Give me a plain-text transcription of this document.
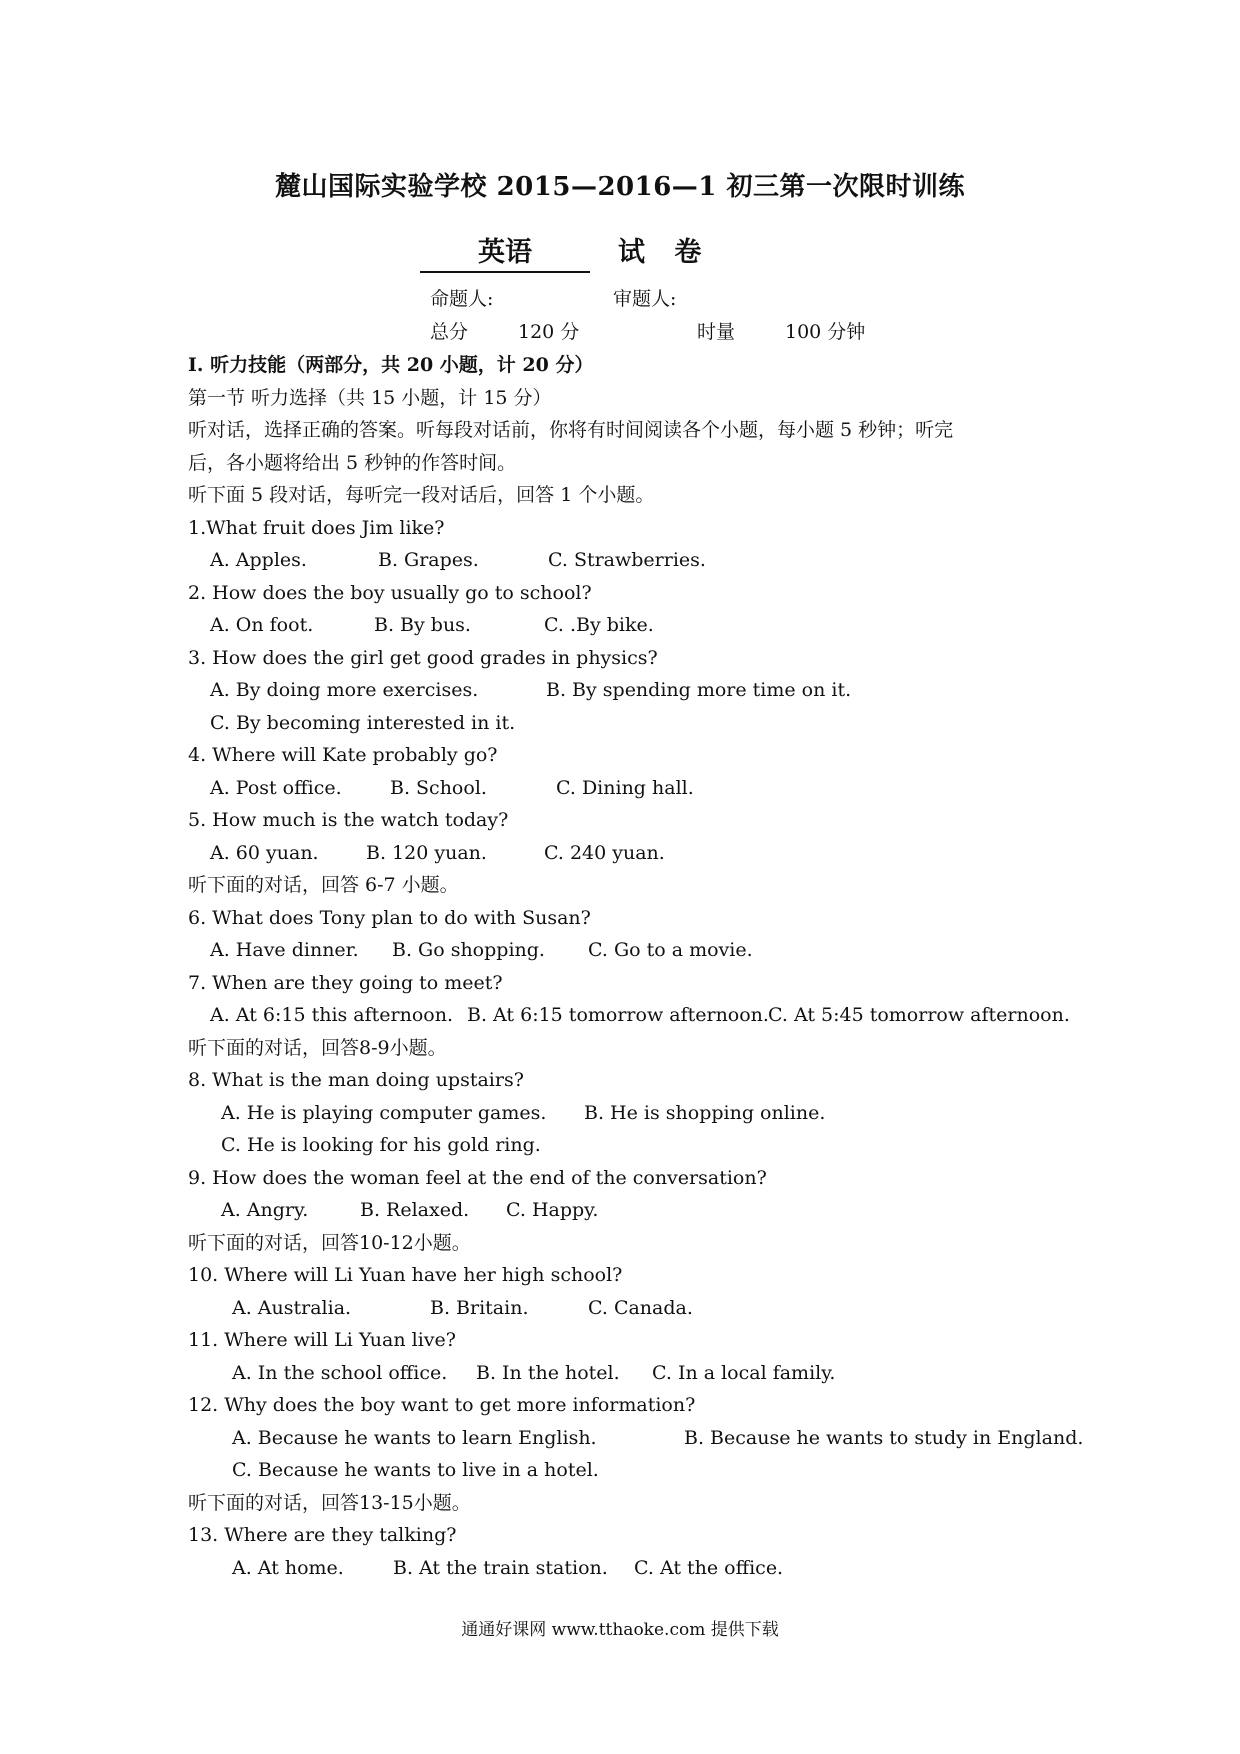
麓山国际实验学校 2015—2016—1 初三第一次限时训练
英语	试 卷
命题人:	审题人:
总分	120 分	时量	100 分钟
I. 听力技能（两部分，共 20 小题，计 20 分）
第一节 听力选择（共 15 小题，计 15 分）
听对话，选择正确的答案。听每段对话前，你将有时间阅读各个小题，每小题 5 秒钟；听完
后，各小题将给出 5 秒钟的作答时间。
听下面 5 段对话，每听完一段对话后，回答 1 个小题。
1.What fruit does Jim like?
A. Apples.	B. Grapes.	C. Strawberries.
2. How does the boy usually go to school?
A. On foot.	B. By bus.	C. .By bike.
3. How does the girl get good grades in physics?
A. By doing more exercises.	B. By spending more time on it.
C. By becoming interested in it.
4. Where will Kate probably go?
A. Post office.	B. School.	C. Dining hall.
5. How much is the watch today?
A. 60 yuan. B. 120 yuan.	C. 240 yuan.
听下面的对话，回答 6-7 小题。
6. What does Tony plan to do with Susan?
A. Have dinner. B. Go shopping. C. Go to a movie.
7. When are they going to meet?
A. At 6:15 this afternoon. B. At 6:15 tomorrow afternoon. C. At 5:45 tomorrow afternoon.
听下面的对话，回答8-9小题。
8. What is the man doing upstairs?
A. He is playing computer games. B. He is shopping online.
C. He is looking for his gold ring.
9. How does the woman feel at the end of the conversation?
A. Angry.	B. Relaxed. C. Happy.
听下面的对话，回答10-12小题。
10. Where will Li Yuan have her high school?
A. Australia.	B. Britain.	C. Canada.
11. Where will Li Yuan live?
A. In the school office. B. In the hotel. C. In a local family.
12. Why does the boy want to get more information?
A. Because he wants to learn English.	B. Because he wants to study in England.
C. Because he wants to live in a hotel.
听下面的对话，回答13-15小题。
13. Where are they talking?
A. At home.	B. At the train station. C. At the office.
通通好课网 www.tthaoke.com 提供下载
